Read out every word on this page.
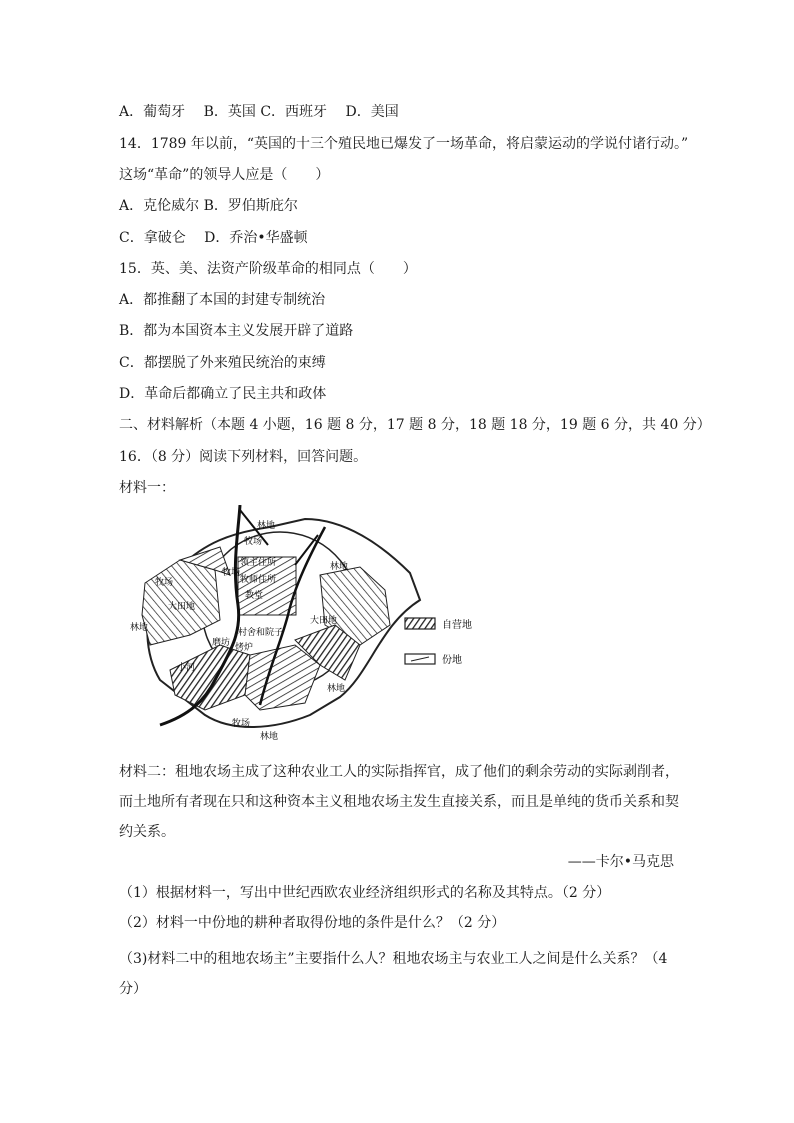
A．葡萄牙 B．英国 C．西班牙 D．美国
14．1789 年以前，“英国的十三个殖民地已爆发了一场革命，将启蒙运动的学说付诸行动。”
这场“革命”的领导人应是（　　）
A．克伦威尔 B．罗伯斯庇尔
C．拿破仑 D．乔治•华盛顿
15．英、美、法资产阶级革命的相同点（　　）
A．都推翻了本国的封建专制统治
B．都为本国资本主义发展开辟了道路
C．都摆脱了外来殖民统治的束缚
D．革命后都确立了民主共和政体
二、材料解析（本题 4 小题，16 题 8 分，17 题 8 分，18 题 18 分，19 题 6 分，共 40 分）
16．（8 分）阅读下列材料，回答问题。
材料一：
林地
牧场
领主住所
牧师住所
教堂
牧场
牧场
磨坊
林地
林地	村舍和院子
大田地
大田地
烤炉
小河
林地
牧场
林地
自营地
份地
材料二：租地农场主成了这种农业工人的实际指挥官，成了他们的剩余劳动的实际剥削者，而土地所有者现在只和这种资本主义租地农场主发生直接关系，而且是单纯的货币关系和契约关系。
——卡尔•马克思
（1）根据材料一，写出中世纪西欧农业经济组织形式的名称及其特点。（2 分）
（2）材料一中份地的耕种者取得份地的条件是什么？（2 分）
（3)材料二中的租地农场主”主要指什么人？租地农场主与农业工人之间是什么关系？（4 分）
